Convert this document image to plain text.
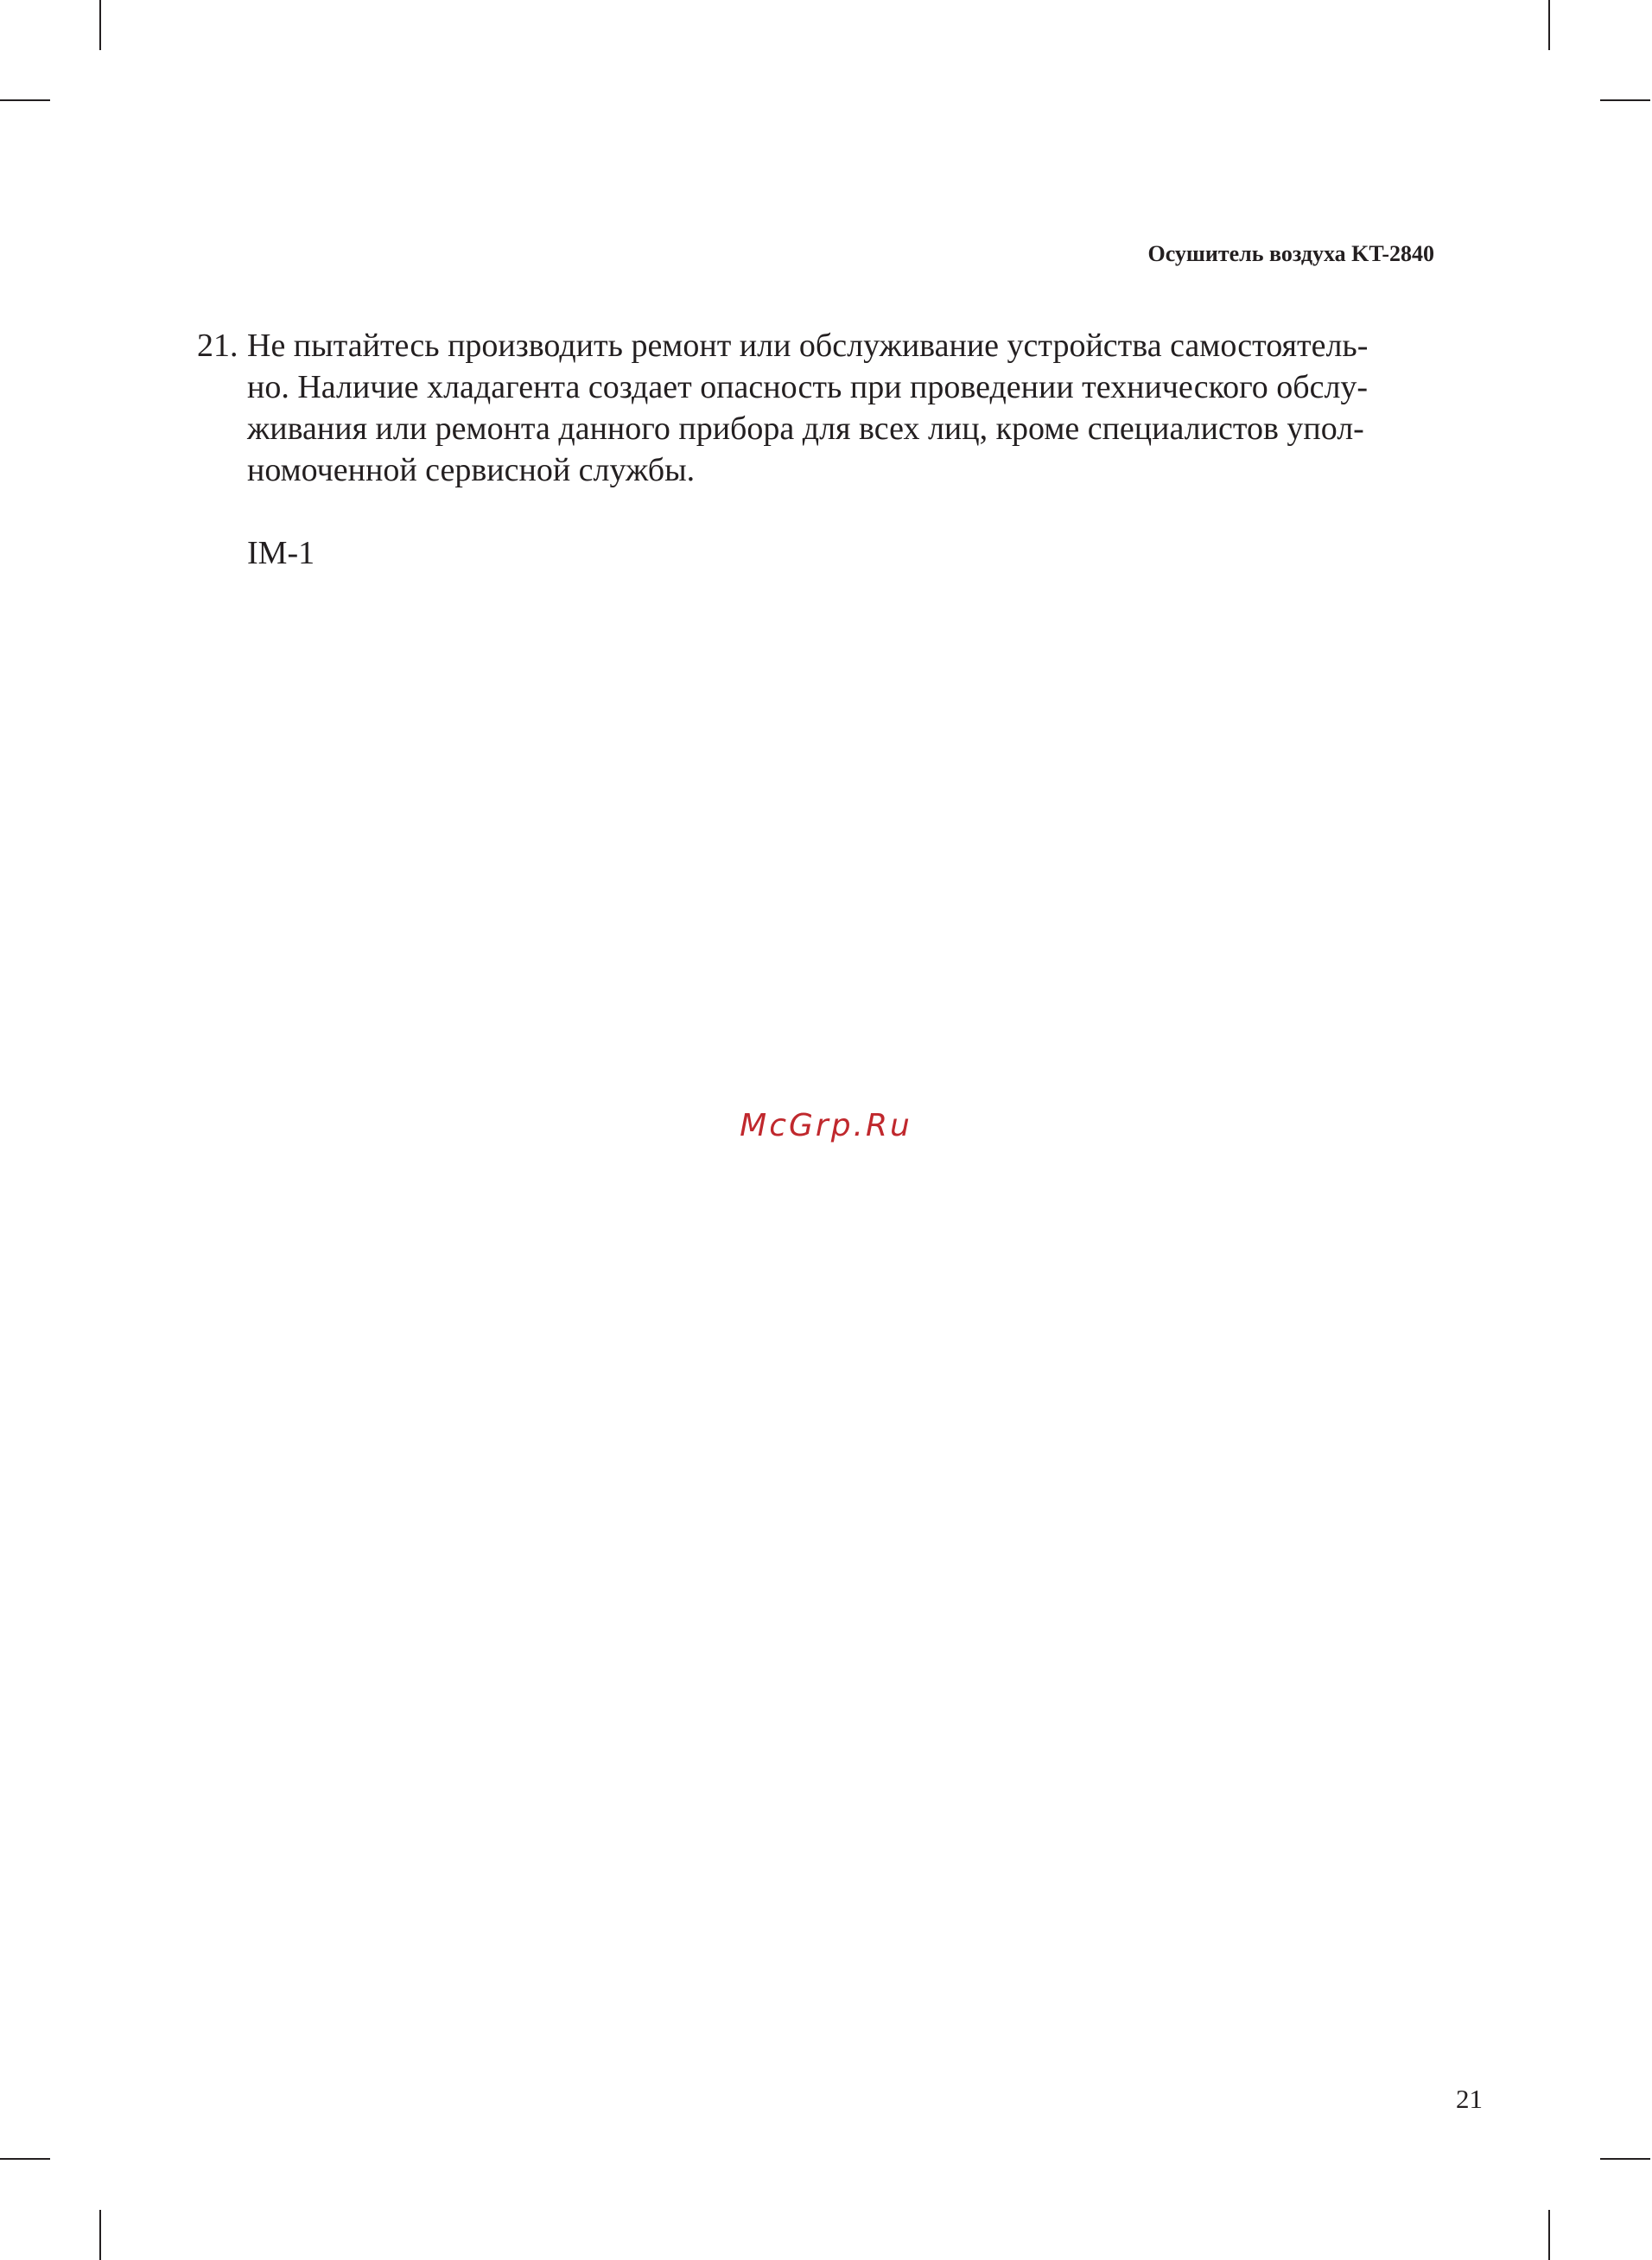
Осушитель воздуха KT-2840
21. Не пытайтесь производить ремонт или обслуживание устройства самостоятель-
но. Наличие хладагента создает опасность при проведении технического обслу-
живания или ремонта данного прибора для всех лиц, кроме специалистов упол-
номоченной сервисной службы.
IM-1
McGrp.Ru
21
